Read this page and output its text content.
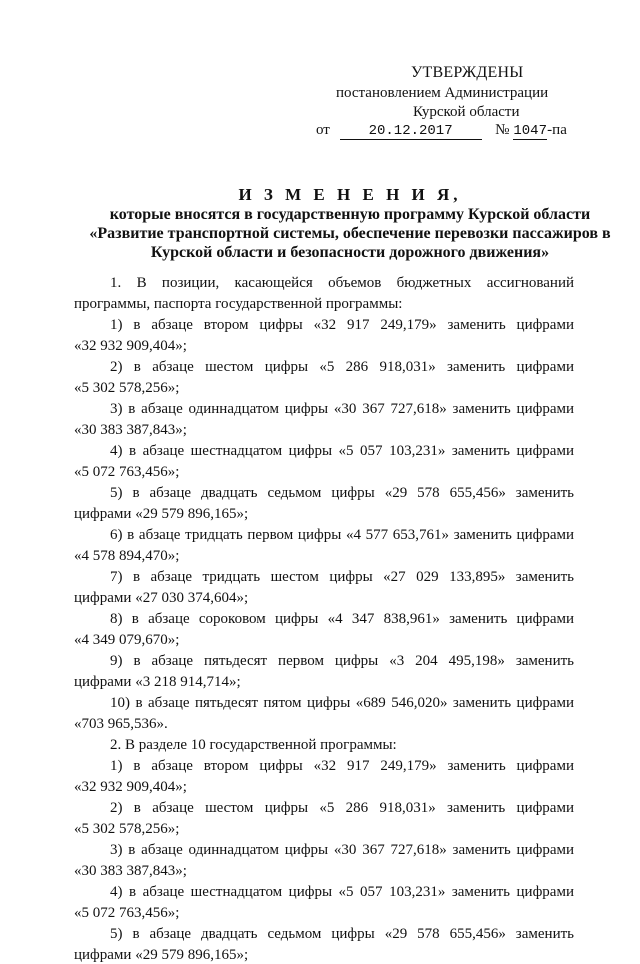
УТВЕРЖДЕНЫ
постановлением Администрации
Курской области
от	20.12.2017	№ 1047-па
И З М Е Н Е Н И Я,
которые вносятся в государственную программу Курской области
«Развитие транспортной системы, обеспечение перевозки пассажиров в
Курской области и безопасности дорожного движения»
1. В позиции, касающейся объемов бюджетных ассигнований
программы, паспорта государственной программы:
1) в абзаце втором цифры «32 917 249,179» заменить цифрами
«32 932 909,404»;
2) в абзаце шестом цифры «5 286 918,031» заменить цифрами
«5 302 578,256»;
3) в абзаце одиннадцатом цифры «30 367 727,618» заменить цифрами
«30 383 387,843»;
4) в абзаце шестнадцатом цифры «5 057 103,231» заменить цифрами
«5 072 763,456»;
5) в абзаце двадцать седьмом цифры «29 578 655,456» заменить
цифрами «29 579 896,165»;
6) в абзаце тридцать первом цифры «4 577 653,761» заменить цифрами
«4 578 894,470»;
7) в абзаце тридцать шестом цифры «27 029 133,895» заменить
цифрами «27 030 374,604»;
8) в абзаце сороковом цифры «4 347 838,961» заменить цифрами
«4 349 079,670»;
9) в абзаце пятьдесят первом цифры «3 204 495,198» заменить
цифрами «3 218 914,714»;
10) в абзаце пятьдесят пятом цифры «689 546,020» заменить цифрами
«703 965,536».
2. В разделе 10 государственной программы:
1) в абзаце втором цифры «32 917 249,179» заменить цифрами
«32 932 909,404»;
2) в абзаце шестом цифры «5 286 918,031» заменить цифрами
«5 302 578,256»;
3) в абзаце одиннадцатом цифры «30 367 727,618» заменить цифрами
«30 383 387,843»;
4) в абзаце шестнадцатом цифры «5 057 103,231» заменить цифрами
«5 072 763,456»;
5) в абзаце двадцать седьмом цифры «29 578 655,456» заменить
цифрами «29 579 896,165»;
